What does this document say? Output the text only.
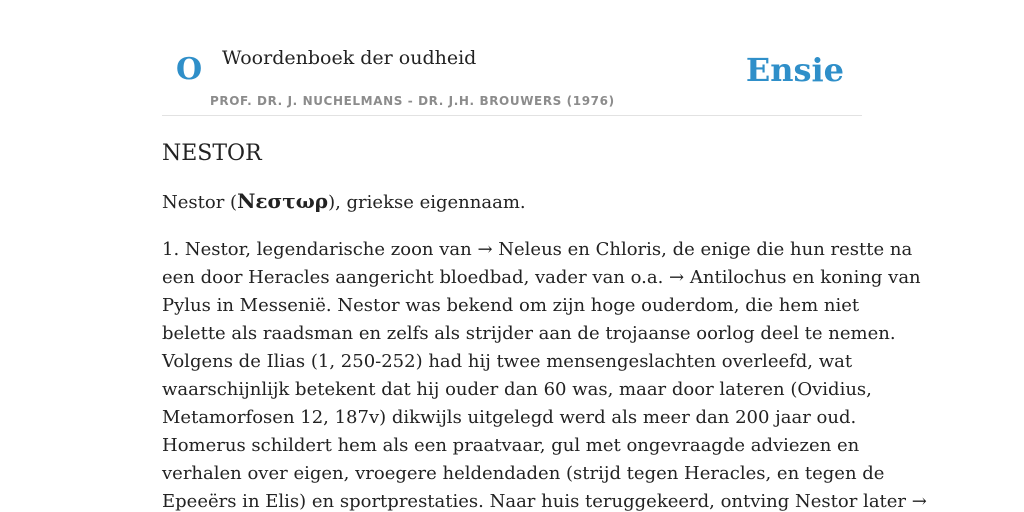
O Woordenboek der oudheid
PROF. DR. J. NUCHELMANS - DR. J.H. BROUWERS (1976)
Ensie
NESTOR

Nestor (Νεστωρ), griekse eigennaam.

1. Nestor, legendarische zoon van → Neleus en Chloris, de enige die hun restte na
een door Heracles aangericht bloedbad, vader van o.a. → Antilochus en koning van
Pylus in Messenië. Nestor was bekend om zijn hoge ouderdom, die hem niet
belette als raadsman en zelfs als strijder aan de trojaanse oorlog deel te nemen.
Volgens de Ilias (1, 250-252) had hij twee mensengeslachten overleefd, wat
waarschijnlijk betekent dat hij ouder dan 60 was, maar door lateren (Ovidius,
Metamorfosen 12, 187v) dikwijls uitgelegd werd als meer dan 200 jaar oud.
Homerus schildert hem als een praatvaar, gul met ongevraagde adviezen en
verhalen over eigen, vroegere heldendaden (strijd tegen Heracles, en tegen de
Epeeërs in Elis) en sportprestaties. Naar huis teruggekeerd, ontving Nestor later →
